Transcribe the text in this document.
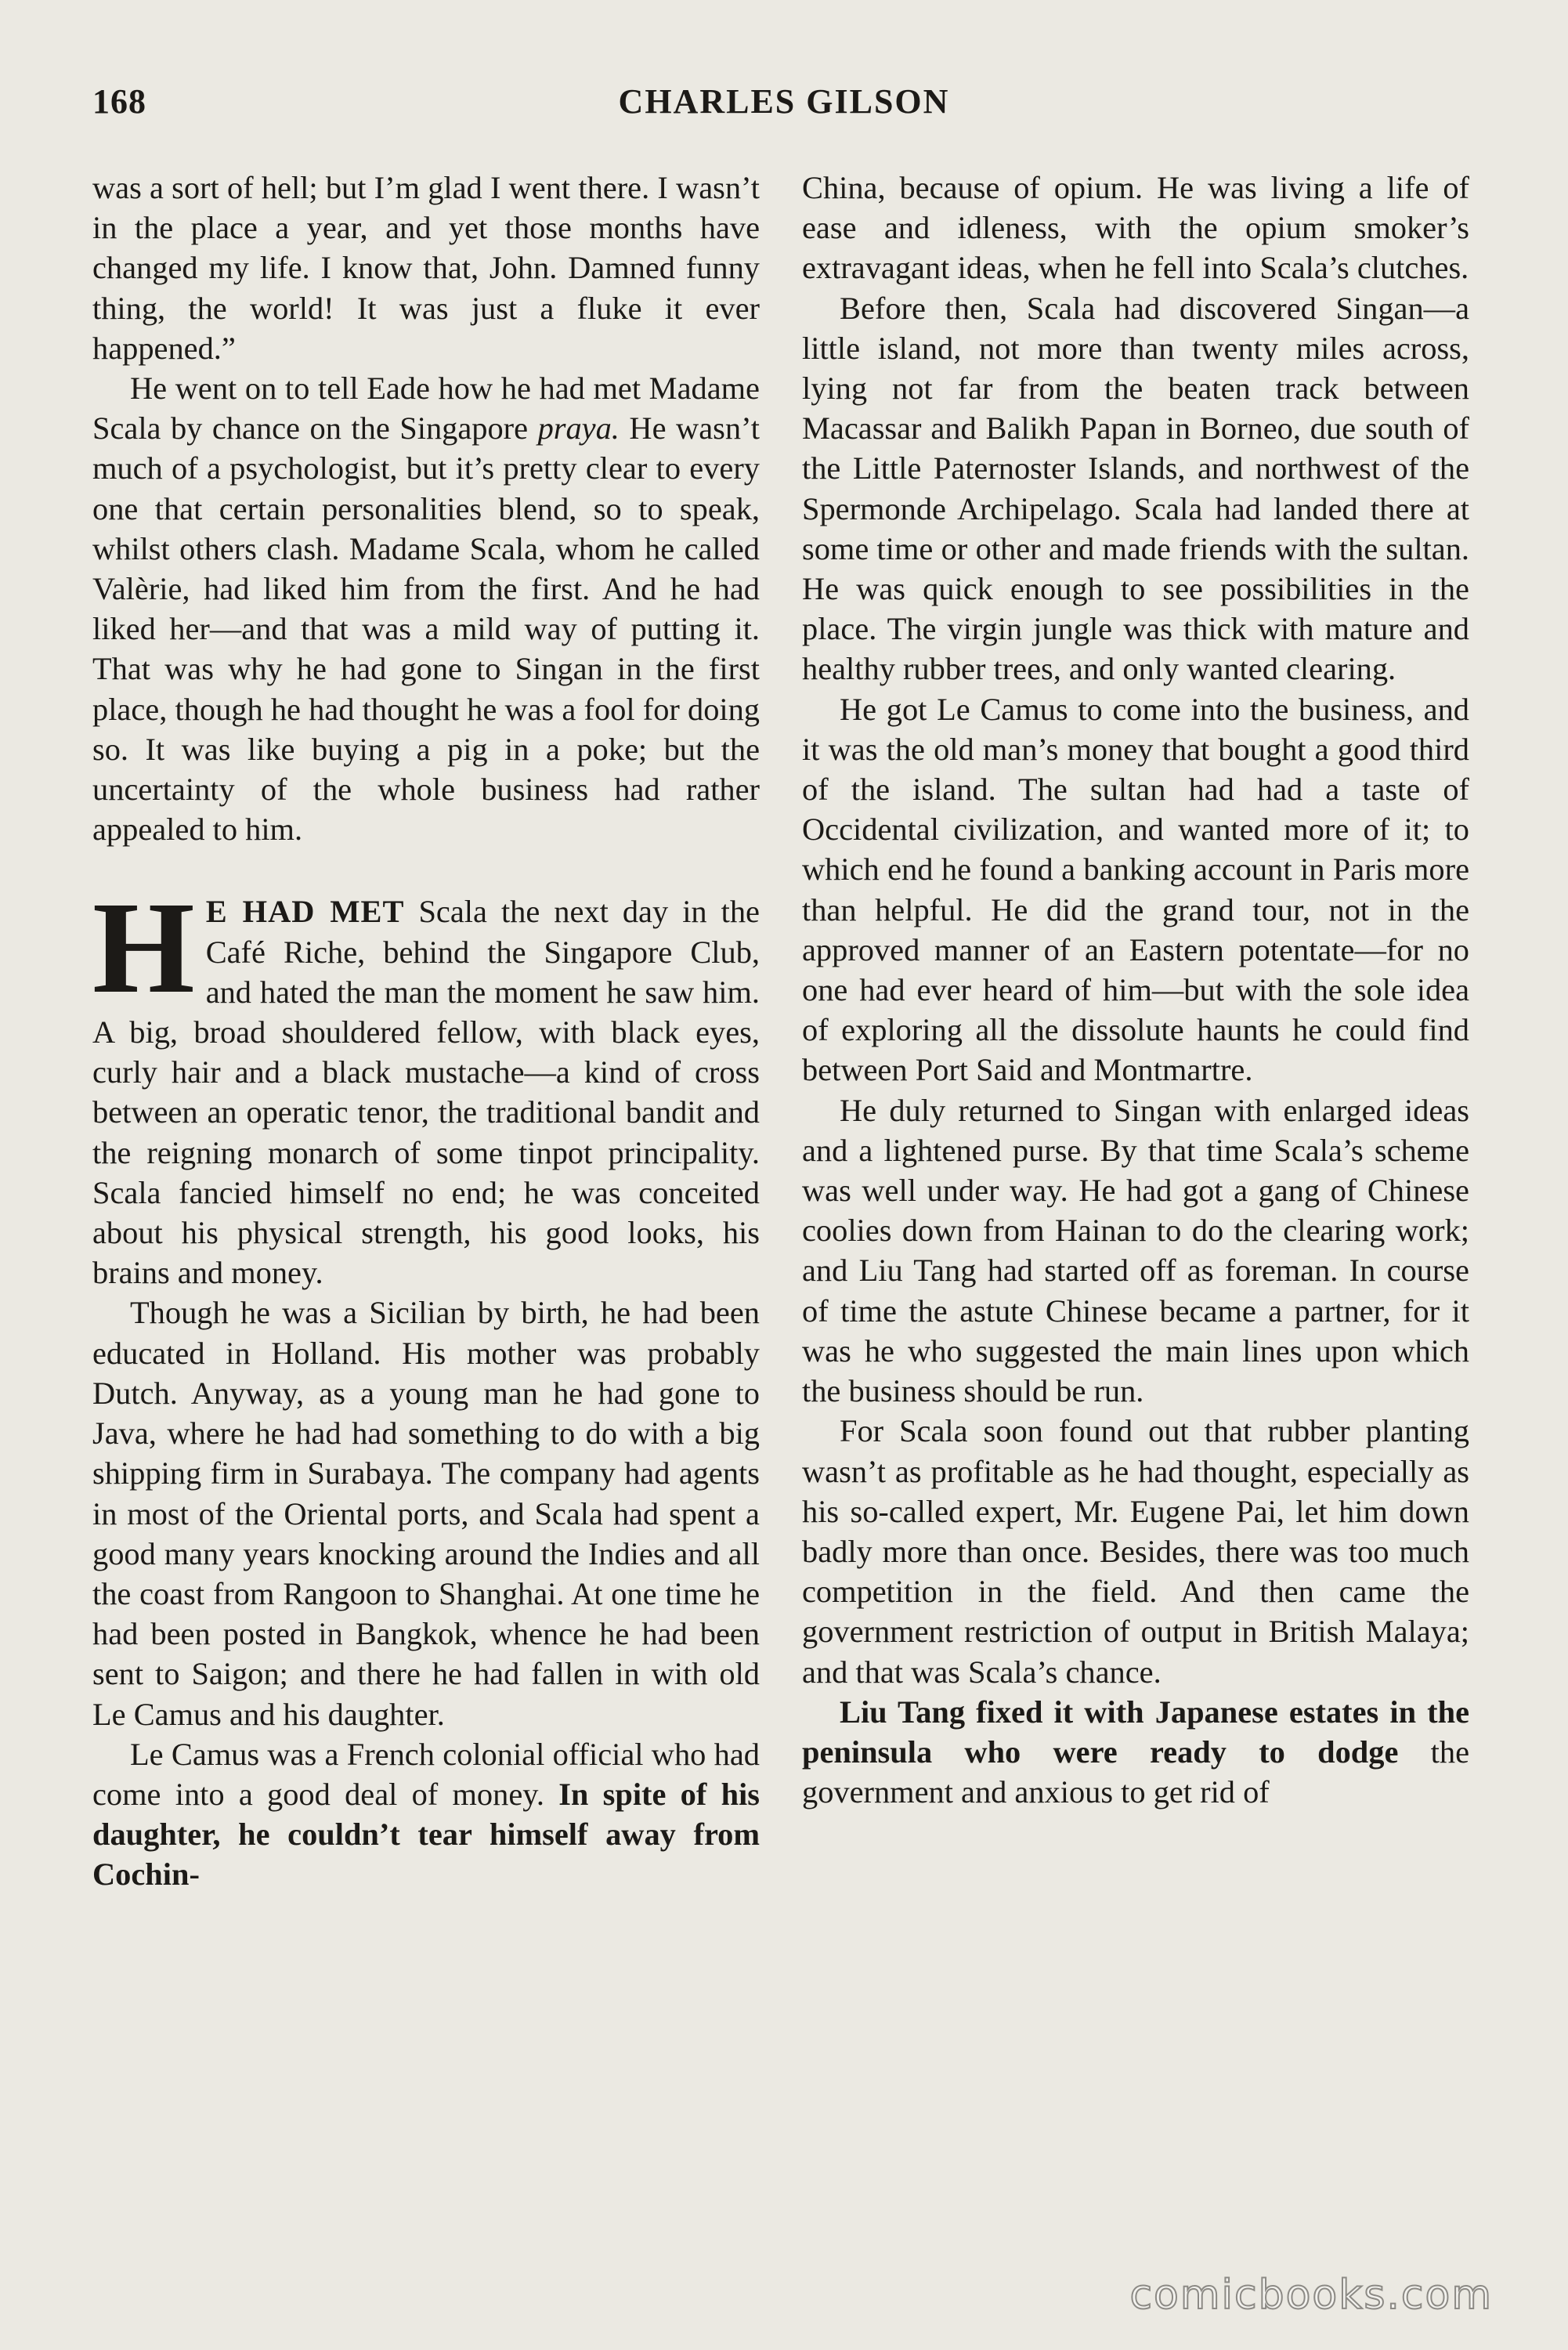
168	CHARLES GILSON

was a sort of hell; but I’m glad I went there. I wasn’t in the place a year, and yet those months have changed my life. I know that, John. Damned funny thing, the world! It was just a fluke it ever happened.”

He went on to tell Eade how he had met Madame Scala by chance on the Singapore praya. He wasn’t much of a psychologist, but it’s pretty clear to every one that certain personalities blend, so to speak, whilst others clash. Madame Scala, whom he called Valèrie, had liked him from the first. And he had liked her—and that was a mild way of putting it. That was why he had gone to Singan in the first place, though he had thought he was a fool for doing so. It was like buying a pig in a poke; but the uncertainty of the whole business had rather appealed to him.

H E HAD MET Scala the next day in the Café Riche, behind the Singapore Club, and hated the man the moment he saw him. A big, broad shouldered fellow, with black eyes, curly hair and a black mustache—a kind of cross between an operatic tenor, the traditional bandit and the reigning monarch of some tinpot principality. Scala fancied himself no end; he was conceited about his physical strength, his good looks, his brains and money.

Though he was a Sicilian by birth, he had been educated in Holland. His mother was probably Dutch. Anyway, as a young man he had gone to Java, where he had had something to do with a big shipping firm in Surabaya. The company had agents in most of the Oriental ports, and Scala had spent a good many years knocking around the Indies and all the coast from Rangoon to Shanghai. At one time he had been posted in Bangkok, whence he had been sent to Saigon; and there he had fallen in with old Le Camus and his daughter.

Le Camus was a French colonial official who had come into a good deal of money. In spite of his daughter, he couldn’t tear himself away from Cochin-

China, because of opium. He was living a life of ease and idleness, with the opium smoker’s extravagant ideas, when he fell into Scala’s clutches.

Before then, Scala had discovered Singan—a little island, not more than twenty miles across, lying not far from the beaten track between Macassar and Balikh Papan in Borneo, due south of the Little Paternoster Islands, and northwest of the Spermonde Archipelago. Scala had landed there at some time or other and made friends with the sultan. He was quick enough to see possibilities in the place. The virgin jungle was thick with mature and healthy rubber trees, and only wanted clearing.

He got Le Camus to come into the business, and it was the old man’s money that bought a good third of the island. The sultan had had a taste of Occidental civilization, and wanted more of it; to which end he found a banking account in Paris more than helpful. He did the grand tour, not in the approved manner of an Eastern potentate—for no one had ever heard of him—but with the sole idea of exploring all the dissolute haunts he could find between Port Said and Montmartre.

He duly returned to Singan with enlarged ideas and a lightened purse. By that time Scala’s scheme was well under way. He had got a gang of Chinese coolies down from Hainan to do the clearing work; and Liu Tang had started off as foreman. In course of time the astute Chinese became a partner, for it was he who suggested the main lines upon which the business should be run.

For Scala soon found out that rubber planting wasn’t as profitable as he had thought, especially as his so-called expert, Mr. Eugene Pai, let him down badly more than once. Besides, there was too much competition in the field. And then came the government restriction of output in British Malaya; and that was Scala’s chance.

Liu Tang fixed it with Japanese estates in the peninsula who were ready to dodge the government and anxious to get rid of

comicbooks.com
